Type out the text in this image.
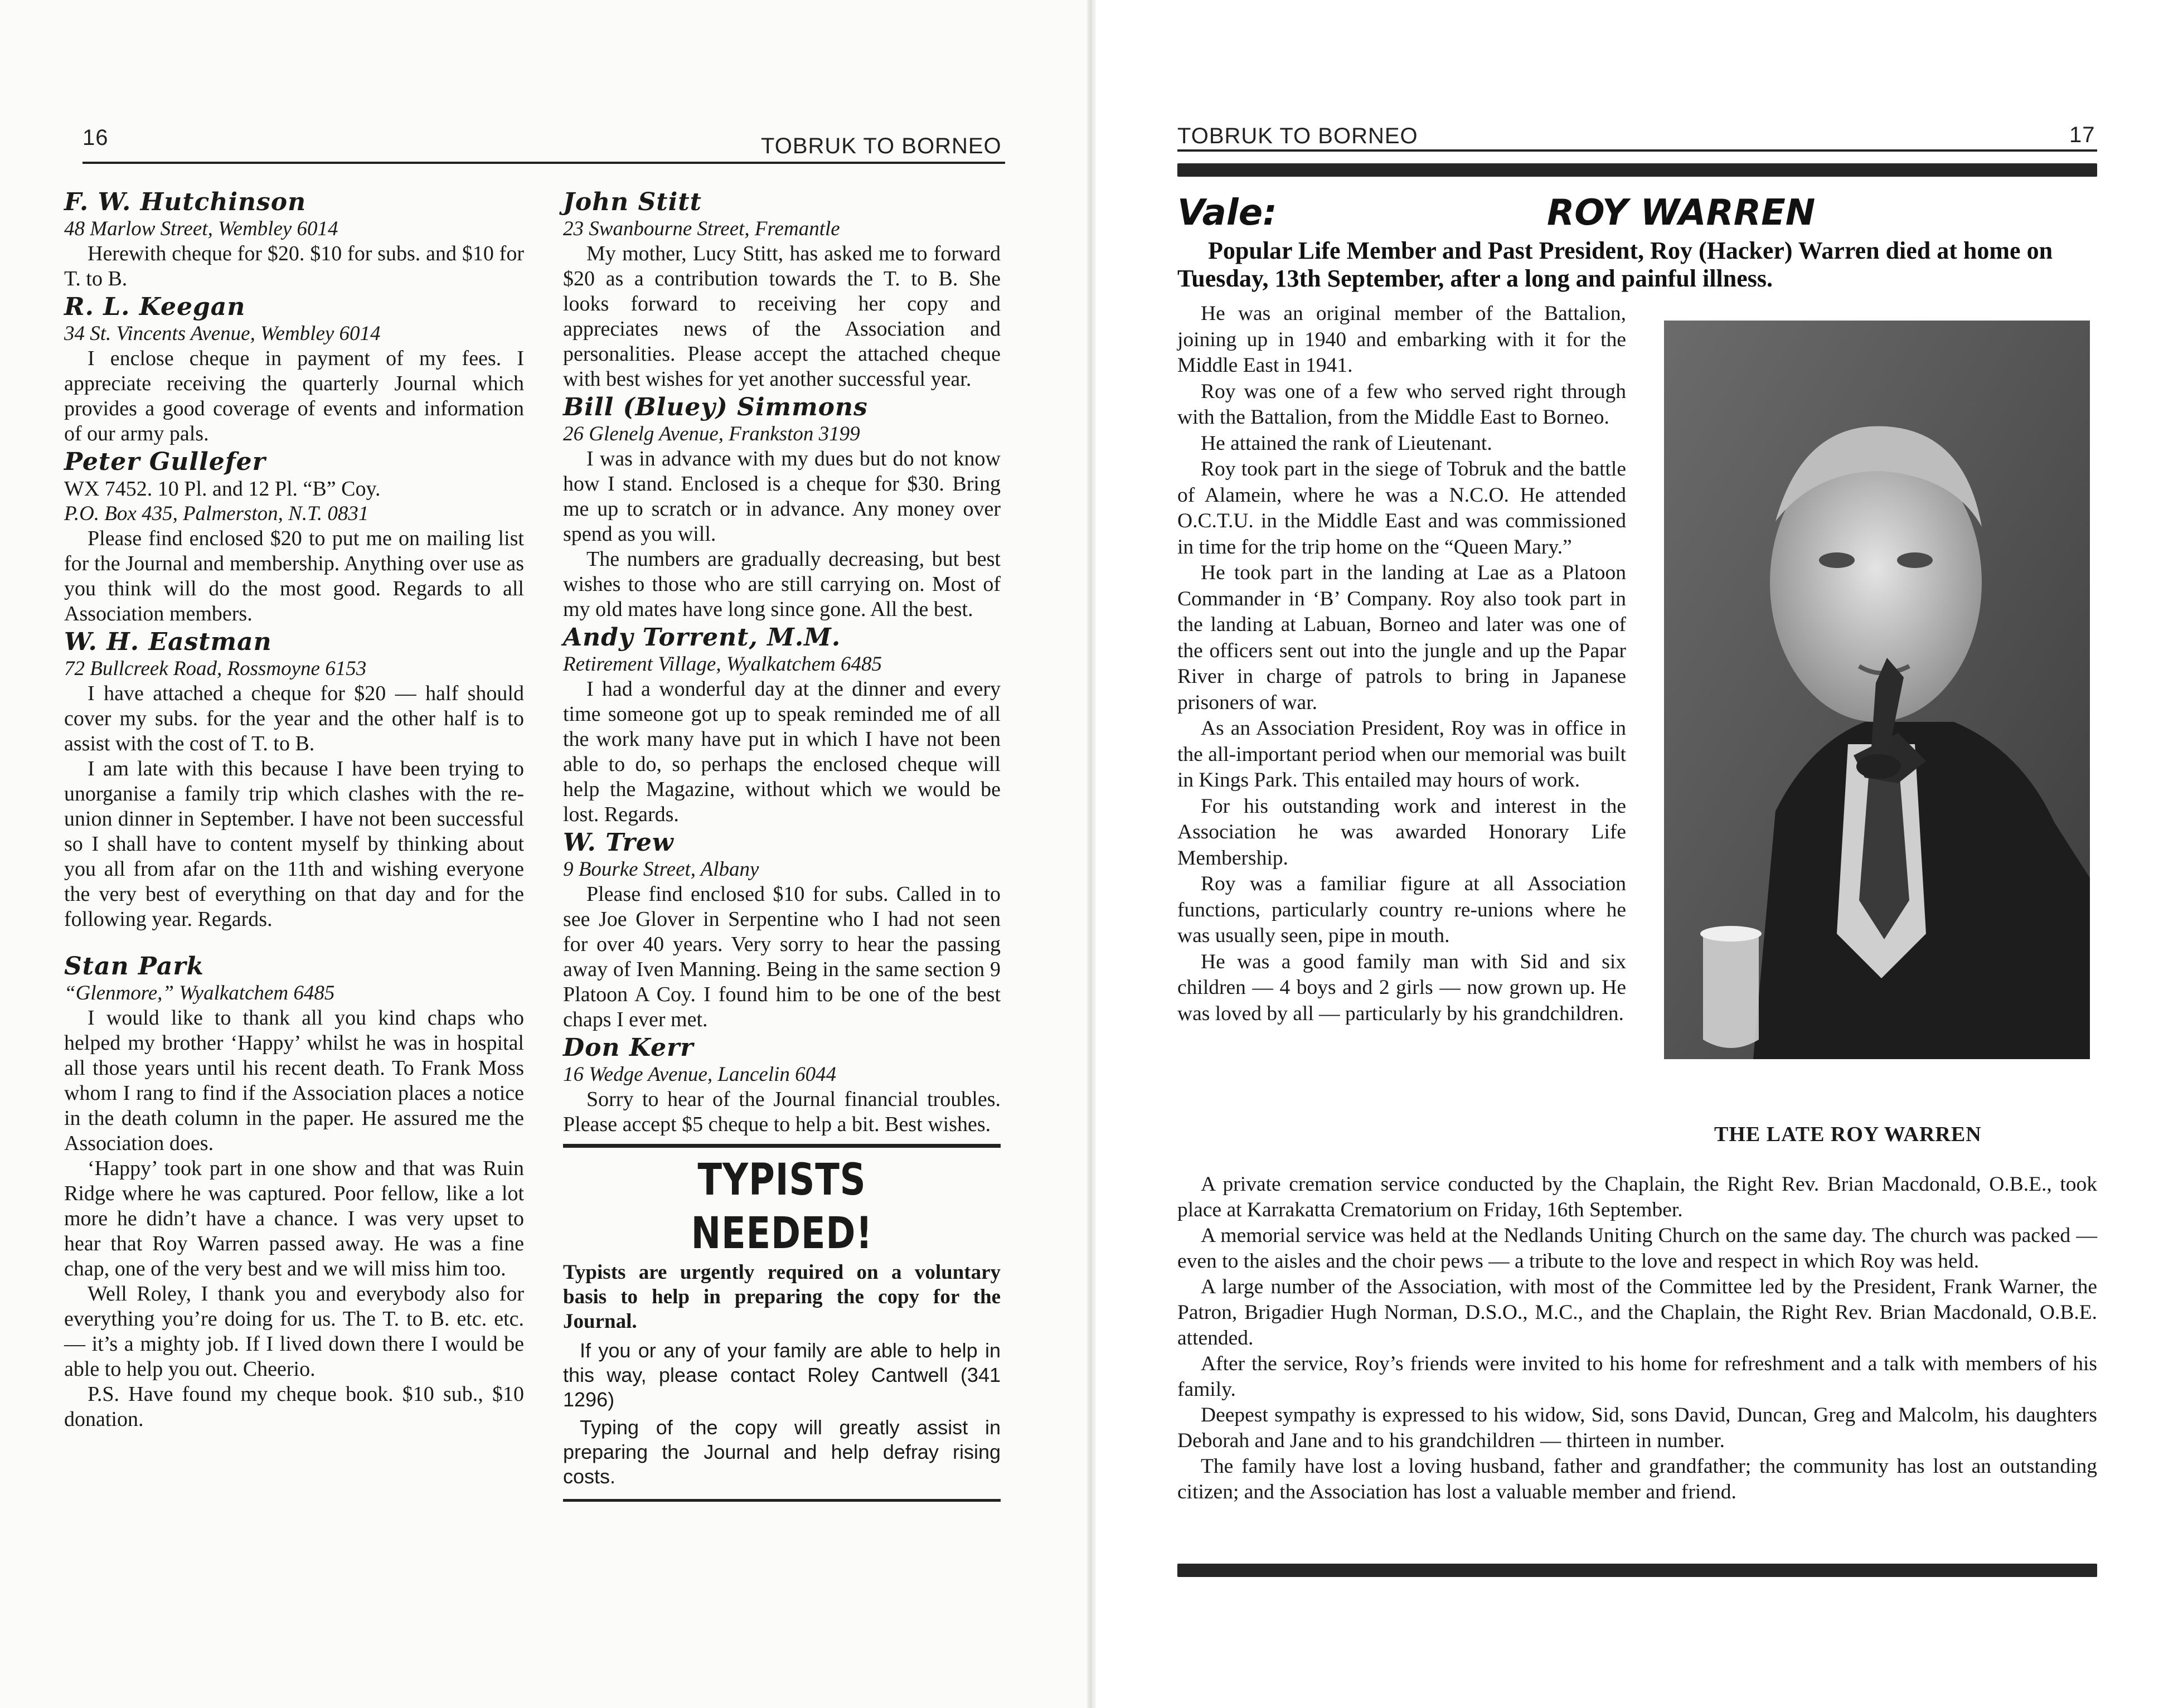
16	TOBRUK TO BORNEO
F. W. Hutchinson
48 Marlow Street, Wembley 6014

Herewith cheque for $20. $10 for subs. and $10 for T. to B.

R. L. Keegan
34 St. Vincents Avenue, Wembley 6014

I enclose cheque in payment of my fees. I appreciate receiving the quarterly Journal which provides a good coverage of events and information of our army pals.

Peter Gullefer
WX 7452. 10 Pl. and 12 Pl. “B” Coy.
P.O. Box 435, Palmerston, N.T. 0831

Please find enclosed $20 to put me on mailing list for the Journal and membership. Anything over use as you think will do the most good. Regards to all Association members.

W. H. Eastman
72 Bullcreek Road, Rossmoyne 6153

I have attached a cheque for $20 — half should cover my subs. for the year and the other half is to assist with the cost of T. to B.

I am late with this because I have been trying to unorganise a family trip which clashes with the re-union dinner in September. I have not been successful so I shall have to content myself by thinking about you all from afar on the 11th and wishing everyone the very best of everything on that day and for the following year. Regards.

Stan Park
“Glenmore,” Wyalkatchem 6485

I would like to thank all you kind chaps who helped my brother ‘Happy’ whilst he was in hospital all those years until his recent death. To Frank Moss whom I rang to find if the Association places a notice in the death column in the paper. He assured me the Association does.

‘Happy’ took part in one show and that was Ruin Ridge where he was captured. Poor fellow, like a lot more he didn’t have a chance. I was very upset to hear that Roy Warren passed away. He was a fine chap, one of the very best and we will miss him too.

Well Roley, I thank you and everybody also for everything you’re doing for us. The T. to B. etc. etc. — it’s a mighty job. If I lived down there I would be able to help you out. Cheerio.

P.S. Have found my cheque book. $10 sub., $10 donation.

John Stitt
23 Swanbourne Street, Fremantle

My mother, Lucy Stitt, has asked me to forward $20 as a contribution towards the T. to B. She looks forward to receiving her copy and appreciates news of the Association and personalities. Please accept the attached cheque with best wishes for yet another successful year.

Bill (Bluey) Simmons
26 Glenelg Avenue, Frankston 3199

I was in advance with my dues but do not know how I stand. Enclosed is a cheque for $30. Bring me up to scratch or in advance. Any money over spend as you will.

The numbers are gradually decreasing, but best wishes to those who are still carrying on. Most of my old mates have long since gone. All the best.

Andy Torrent, M.M.
Retirement Village, Wyalkatchem 6485

I had a wonderful day at the dinner and every time someone got up to speak reminded me of all the work many have put in which I have not been able to do, so perhaps the enclosed cheque will help the Magazine, without which we would be lost. Regards.

W. Trew
9 Bourke Street, Albany

Please find enclosed $10 for subs. Called in to see Joe Glover in Serpentine who I had not seen for over 40 years. Very sorry to hear the passing away of Iven Manning. Being in the same section 9 Platoon A Coy. I found him to be one of the best chaps I ever met.

Don Kerr
16 Wedge Avenue, Lancelin 6044

Sorry to hear of the Journal financial troubles. Please accept $5 cheque to help a bit. Best wishes.

TYPISTS NEEDED!
Typists are urgently required on a voluntary basis to help in preparing the copy for the Journal.

If you or any of your family are able to help in this way, please contact Roley Cantwell (341 1296)

Typing of the copy will greatly assist in preparing the Journal and help defray rising costs.

TOBRUK TO BORNEO	17
Vale:	ROY WARREN
Popular Life Member and Past President, Roy (Hacker) Warren died at home on Tuesday, 13th September, after a long and painful illness.

He was an original member of the Battalion, joining up in 1940 and embarking with it for the Middle East in 1941.

Roy was one of a few who served right through with the Battalion, from the Middle East to Borneo.

He attained the rank of Lieutenant.

Roy took part in the siege of Tobruk and the battle of Alamein, where he was a N.C.O. He attended O.C.T.U. in the Middle East and was commissioned in time for the trip home on the “Queen Mary.”

He took part in the landing at Lae as a Platoon Commander in ‘B’ Company. Roy also took part in the landing at Labuan, Borneo and later was one of the officers sent out into the jungle and up the Papar River in charge of patrols to bring in Japanese prisoners of war.

As an Association President, Roy was in office in the all-important period when our memorial was built in Kings Park. This entailed may hours of work.

For his outstanding work and interest in the Association he was awarded Honorary Life Membership.

Roy was a familiar figure at all Association functions, particularly country re-unions where he was usually seen, pipe in mouth.

He was a good family man with Sid and six children — 4 boys and 2 girls — now grown up. He was loved by all — particularly by his grandchildren.

THE LATE ROY WARREN

A private cremation service conducted by the Chaplain, the Right Rev. Brian Macdonald, O.B.E., took place at Karrakatta Crematorium on Friday, 16th September.

A memorial service was held at the Nedlands Uniting Church on the same day. The church was packed — even to the aisles and the choir pews — a tribute to the love and respect in which Roy was held.

A large number of the Association, with most of the Committee led by the President, Frank Warner, the Patron, Brigadier Hugh Norman, D.S.O., M.C., and the Chaplain, the Right Rev. Brian Macdonald, O.B.E. attended.

After the service, Roy’s friends were invited to his home for refreshment and a talk with members of his family.

Deepest sympathy is expressed to his widow, Sid, sons David, Duncan, Greg and Malcolm, his daughters Deborah and Jane and to his grandchildren — thirteen in number.

The family have lost a loving husband, father and grandfather; the community has lost an outstanding citizen; and the Association has lost a valuable member and friend.
